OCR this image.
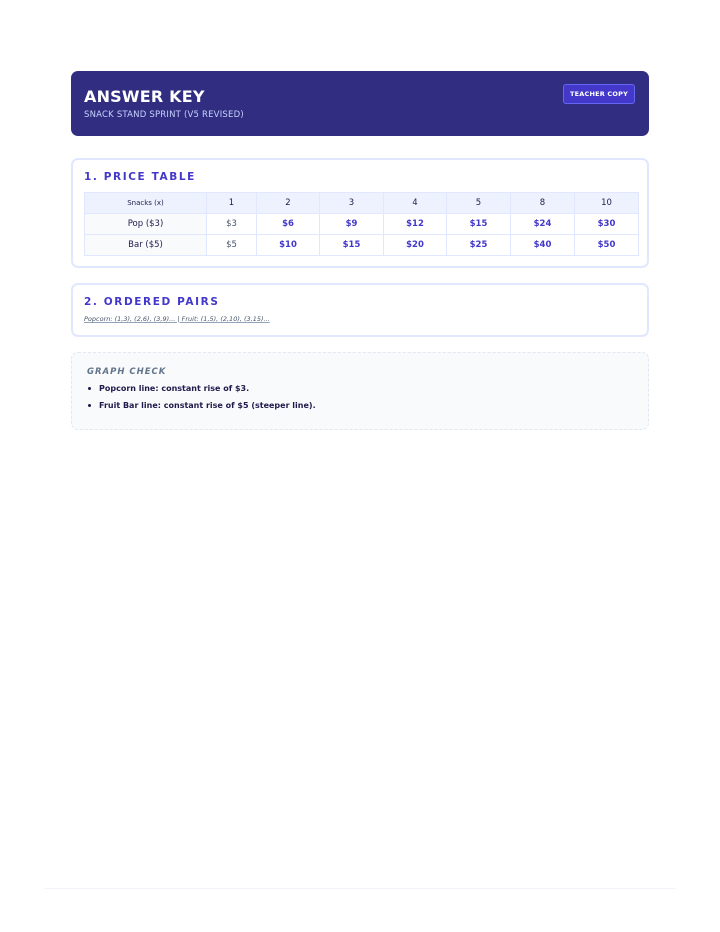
ANSWER KEY
SNACK STAND SPRINT (V5 REVISED)
TEACHER COPY
1. PRICE TABLE
Snacks (x)	1	2	3	4	5	8	10
Pop ($3)	$3	$6	$9	$12	$15	$24	$30
Bar ($5)	$5	$10	$15	$20	$25	$40	$50
2. ORDERED PAIRS
Popcorn: (1,3), (2,6), (3,9)... | Fruit: (1,5), (2,10), (3,15)...
GRAPH CHECK
Popcorn line: constant rise of $3.
Fruit Bar line: constant rise of $5 (steeper line).
